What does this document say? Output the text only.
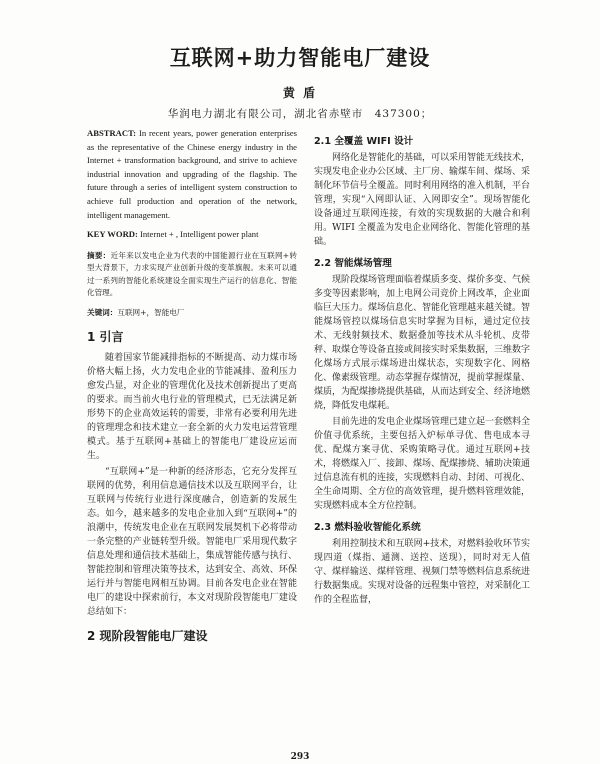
互联网+助力智能电厂建设
黄 盾
华润电力湖北有限公司，湖北省赤壁市　437300；
ABSTRACT: In recent years, power generation enterprises as the representative of the Chinese energy industry in the Internet + transformation background, and strive to achieve industrial innovation and upgrading of the flagship. The future through a series of intelligent system construction to achieve full production and operation of the network, intelligent management.
KEY WORD: Internet + , Intelligent power plant
摘要：近年来以发电企业为代表的中国能源行业在互联网+转型大背景下，力求实现产业创新升级的变革旗舰。未来可以通过一系列的智能化系统建设全面实现生产运行的信息化、智能化管理。
关键词：互联网+，智能电厂
1 引言

随着国家节能减排指标的不断提高、动力煤市场价格大幅上扬，火力发电企业的节能减排、盈利压力愈发凸显，对企业的管理优化及技术创新提出了更高的要求。而当前火电行业的管理模式，已无法满足新形势下的企业高效运转的需要，非常有必要利用先进的管理理念和技术建立一套全新的火力发电运营管理模式。基于互联网+基础上的智能电厂建设应运而生。

“互联网+”是一种新的经济形态，它充分发挥互联网的优势，利用信息通信技术以及互联网平台，让互联网与传统行业进行深度融合，创造新的发展生态。如今，越来越多的发电企业加入到“互联网+”的浪潮中，传统发电企业在互联网发展契机下必将带动一条完整的产业链转型升级。智能电厂采用现代数字信息处理和通信技术基础上，集成智能传感与执行、智能控制和管理决策等技术，达到安全、高效、环保运行并与智能电网相互协调。目前各发电企业在智能电厂的建设中探索前行，本文对现阶段智能电厂建设总结如下：

2 现阶段智能电厂建设
2.1 全覆盖 WIFI 设计

网络化是智能化的基础，可以采用智能无线技术，实现发电企业办公区域、主厂房、输煤车间、煤场、采制化环节信号全覆盖。同时利用网络的准入机制，平台管理，实现“入网即认证、入网即安全”。现场智能化设备通过互联网连接，有效的实现数据的大融合和利用。WIFI 全覆盖为发电企业网络化、智能化管理的基础。

2.2 智能煤场管理

现阶段煤场管理面临着煤质多变、煤价多变、气候多变等因素影响，加上电网公司竞价上网改革，企业面临巨大压力。煤场信息化、智能化管理越来越关键。智能煤场管控以煤场信息实时掌握为目标，通过定位技术、无线射频技术、数据叠加等技术从斗轮机、皮带秤、取煤仓等设备直接或间接实时采集数据，三维数字化煤场方式展示煤场进出煤状态，实现数字化、网格化、像素级管理。动态掌握存煤情况，提前掌握煤量、煤质，为配煤掺烧提供基础，从而达到安全、经济地燃烧，降低发电煤耗。

目前先进的发电企业煤场管理已建立起一套燃料全价值寻优系统，主要包括入炉标单寻优、售电成本寻优、配煤方案寻优、采购策略寻优。通过互联网+技术，将燃煤入厂、接卸、煤场、配煤掺烧、辅助决策通过信息流有机的连接，实现燃料自动、封闭、可视化、全生命周期、全方位的高效管理，提升燃料管理效能，实现燃料成本全方位控制。

2.3 燃料验收智能化系统

利用控制技术和互联网+技术，对燃料验收环节实现四道（煤指、通测、送控、送现），同时对无人值守、煤样输送、煤样管理、视频门禁等燃料信息系统进行数据集成。实现对设备的远程集中管控，对采制化工作的全程监督，

293
